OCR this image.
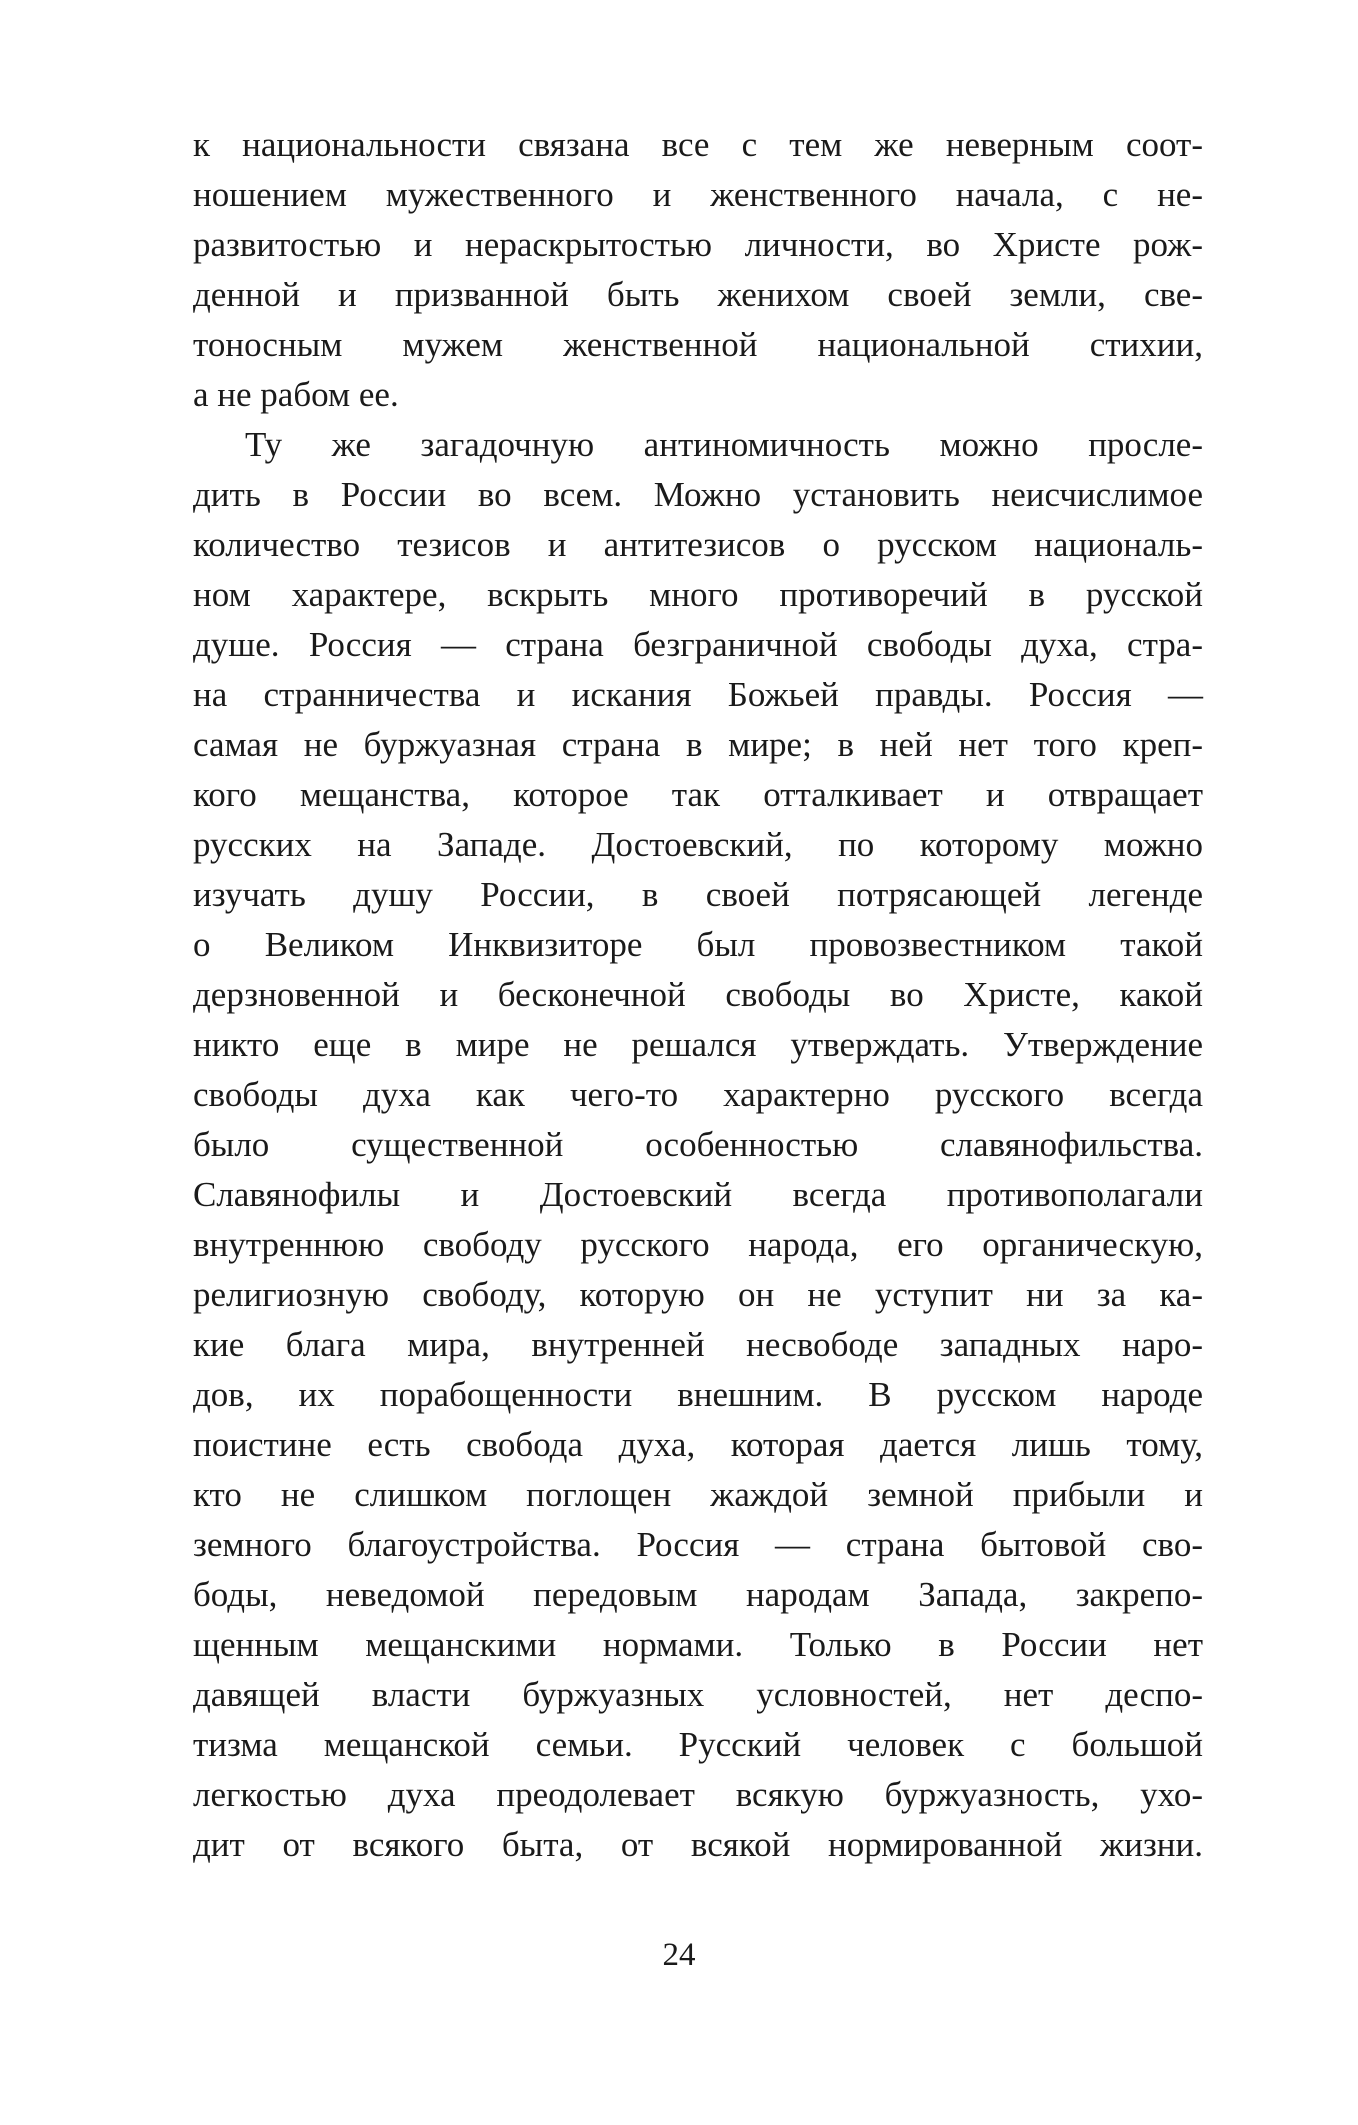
к национальности связана все с тем же неверным соот-
ношением мужественного и женственного начала, с не-
развитостью и нераскрытостью личности, во Христе рож-
денной и призванной быть женихом своей земли, све-
тоносным мужем женственной национальной стихии,
а не рабом ее.

Ту же загадочную антиномичность можно просле-
дить в России во всем. Можно установить неисчислимое
количество тезисов и антитезисов о русском националь-
ном характере, вскрыть много противоречий в русской
душе. Россия — страна безграничной свободы духа, стра-
на странничества и искания Божьей правды. Россия —
самая не буржуазная страна в мире; в ней нет того креп-
кого мещанства, которое так отталкивает и отвращает
русских на Западе. Достоевский, по которому можно
изучать душу России, в своей потрясающей легенде
о Великом Инквизиторе был провозвестником такой
дерзновенной и бесконечной свободы во Христе, какой
никто еще в мире не решался утверждать. Утверждение
свободы духа как чего-то характерно русского всегда
было существенной особенностью славянофильства.
Славянофилы и Достоевский всегда противополагали
внутреннюю свободу русского народа, его органическую,
религиозную свободу, которую он не уступит ни за ка-
кие блага мира, внутренней несвободе западных наро-
дов, их порабощенности внешним. В русском народе
поистине есть свобода духа, которая дается лишь тому,
кто не слишком поглощен жаждой земной прибыли и
земного благоустройства. Россия — страна бытовой сво-
боды, неведомой передовым народам Запада, закрепо-
щенным мещанскими нормами. Только в России нет
давящей власти буржуазных условностей, нет деспо-
тизма мещанской семьи. Русский человек с большой
легкостью духа преодолевает всякую буржуазность, ухо-
дит от всякого быта, от всякой нормированной жизни.

24
